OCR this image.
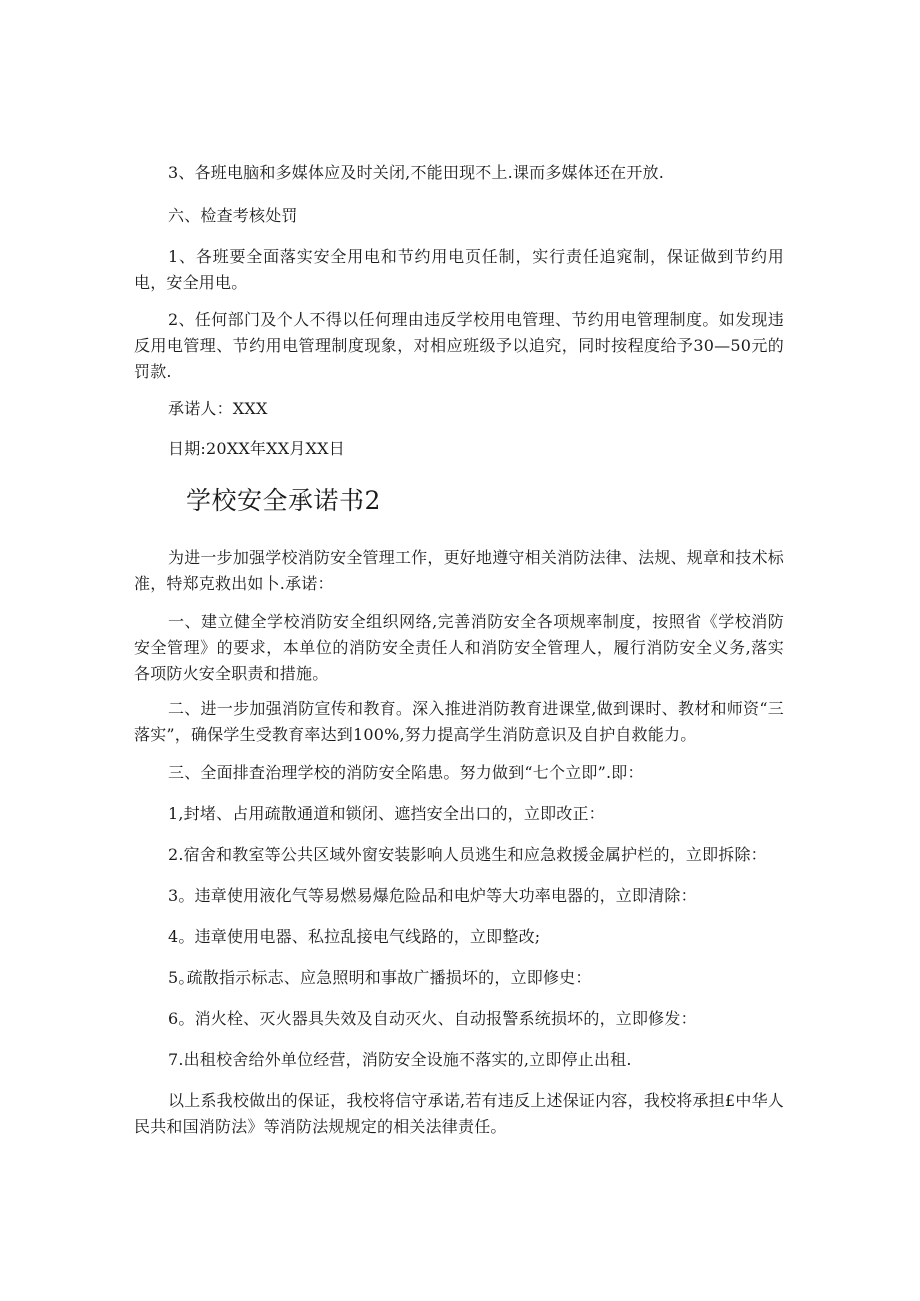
3、各班电脑和多媒体应及时关闭,不能田现不上.课而多媒体还在开放.

六、检查考核处罚

1、各班要全面落实安全用电和节约用电页任制，实行责任追窕制，保证做到节约用电，安全用电。

2、任何部门及个人不得以任何理由违反学校用电管理、节约用电管理制度。如发现违反用电管理、节约用电管理制度现象，对相应班级予以追究，同时按程度给予30—50元的罚款.

承诺人：XXX

日期:20XX年XX月XX日

学校安全承诺书2

为进一步加强学校消防安全管理工作，更好地遵守相关消防法律、法规、规章和技术标准，特郑克救出如卜.承诺：

一、建立健全学校消防安全组织网络,完善消防安全各项规率制度，按照省《学校消防安全管理》的要求，本单位的消防安全责任人和消防安全管理人，履行消防安全义务,落实各项防火安全职责和措施。

二、进一步加强消防宣传和教育。深入推进消防教育进课堂,做到课时、教材和师资“三落实”，确保学生受教育率达到100%,努力提高学生消防意识及自护自救能力。

三、全面排査治理学校的消防安全陷患。努力做到“七个立即”.即：

1,封堵、占用疏散通道和锁闭、遮挡安全出口的，立即改正：

2.宿舍和教室等公共区域外窗安装影响人员逃生和应急救援金属护栏的，立即拆除：

3。违章使用液化气等易燃易爆危险品和电炉等大功率电器的，立即清除：

4。违章使用电器、私拉乱接电气线路的，立即整改;

5｡疏散指示标志、应急照明和事故广播损坏的，立即修史：

6。消火栓、灭火器具失效及自动灭火、自动报警系统损坏的，立即修发：

7.出租校舍给外单位经营，消防安全设施不落实的,立即停止出租.

以上系我校做出的保证，我校将信守承诺,若有违反上述保证内容，我校将承担£中华人民共和国消防法》等消防法规规定的相关法律责任。
